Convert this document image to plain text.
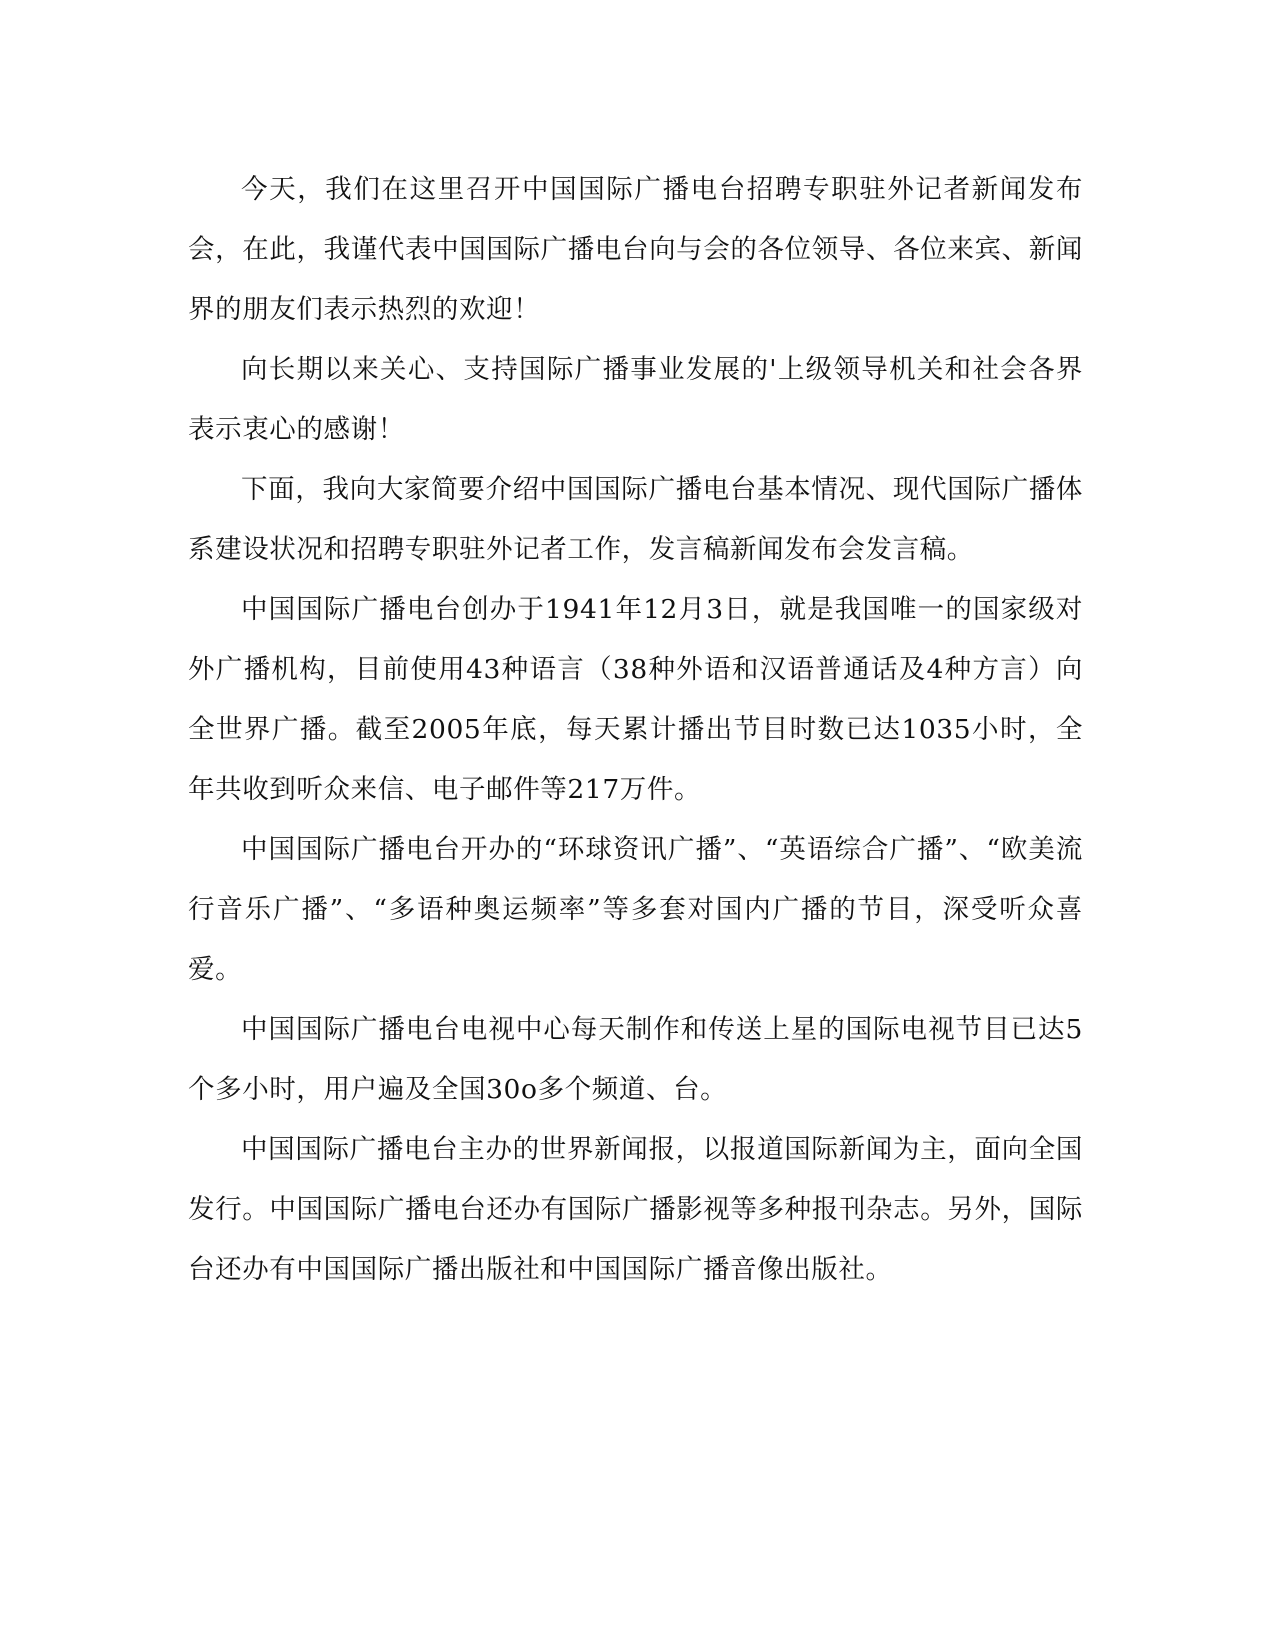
今天，我们在这里召开中国国际广播电台招聘专职驻外记者新闻发布会，在此，我谨代表中国国际广播电台向与会的各位领导、各位来宾、新闻界的朋友们表示热烈的欢迎！

向长期以来关心、支持国际广播事业发展的'上级领导机关和社会各界表示衷心的感谢！

下面，我向大家简要介绍中国国际广播电台基本情况、现代国际广播体系建设状况和招聘专职驻外记者工作，发言稿新闻发布会发言稿。

中国国际广播电台创办于1941年12月3日，就是我国唯一的国家级对外广播机构，目前使用43种语言（38种外语和汉语普通话及4种方言）向全世界广播。截至2005年底，每天累计播出节目时数已达1035小时，全年共收到听众来信、电子邮件等217万件。

中国国际广播电台开办的“环球资讯广播”、“英语综合广播”、“欧美流行音乐广播”、“多语种奥运频率”等多套对国内广播的节目，深受听众喜爱。

中国国际广播电台电视中心每天制作和传送上星的国际电视节目已达5个多小时，用户遍及全国30o多个频道、台。

中国国际广播电台主办的世界新闻报，以报道国际新闻为主，面向全国发行。中国国际广播电台还办有国际广播影视等多种报刊杂志。另外，国际台还办有中国国际广播出版社和中国国际广播音像出版社。
